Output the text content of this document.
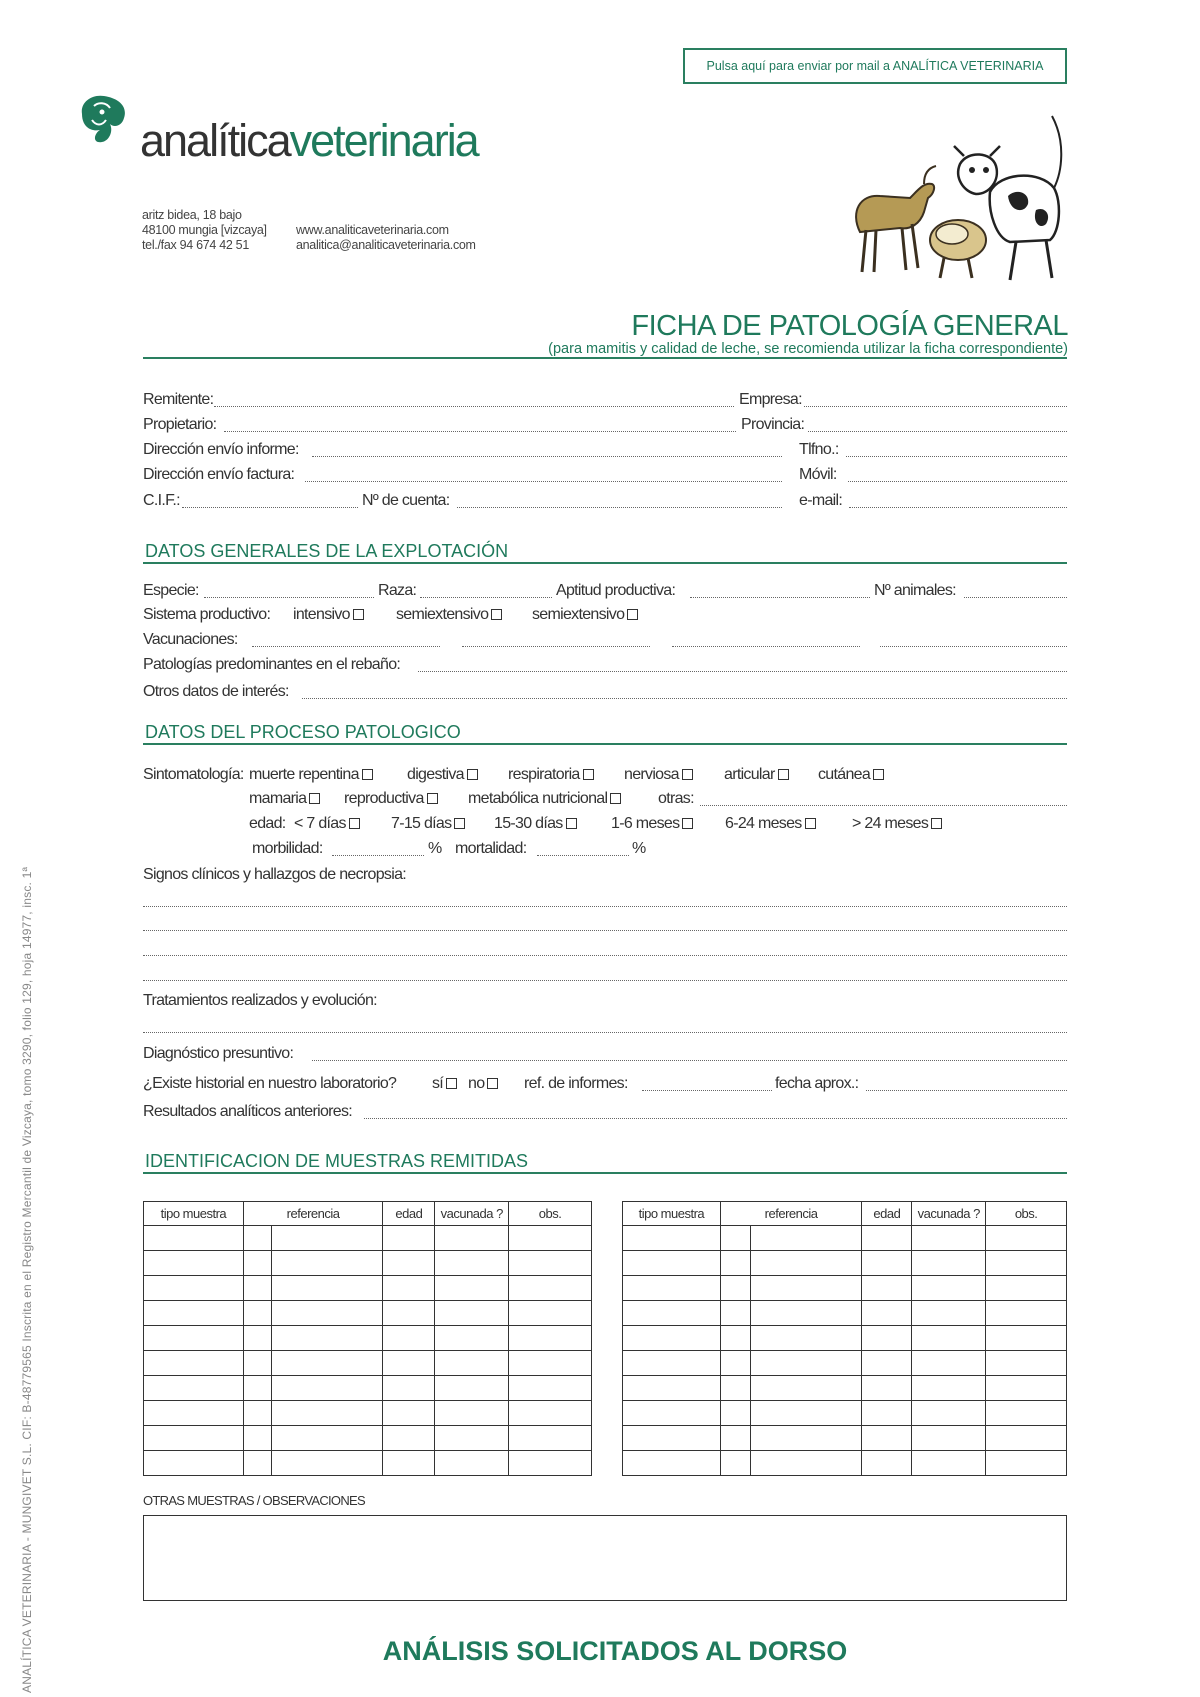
Pulsa aquí para enviar por mail a ANALÍTICA VETERINARIA
analíticaveterinaria
aritz bidea, 18 bajo
48100 mungia [vizcaya]
tel./fax 94 674 42 51
www.analiticaveterinaria.com
analitica@analiticaveterinaria.com
FICHA DE PATOLOGÍA GENERAL
(para mamitis y calidad de leche, se recomienda utilizar la ficha correspondiente)
Remitente:	Empresa:
Propietario:	Provincia:
Dirección envío informe:	Tlfno.:
Dirección envío factura:	Móvil:
C.I.F.:	Nº de cuenta:	e-mail:
DATOS GENERALES DE LA EXPLOTACIÓN
Especie:	Raza:	Aptitud productiva:	Nº animales:
Sistema productivo: intensivo	semiextensivo	semiextensivo
Vacunaciones:
Patologías predominantes en el rebaño:
Otros datos de interés:
DATOS DEL PROCESO PATOLOGICO
Sintomatología: muerte repentina	digestiva	respiratoria	nerviosa	articular	cutánea
mamaria	reproductiva	metabólica nutricional	otras:
edad: < 7 días	7-15 días	15-30 días	1-6 meses	6-24 meses	> 24 meses
morbilidad:	% mortalidad:	%
Signos clínicos y hallazgos de necropsia:
Tratamientos realizados y evolución:
Diagnóstico presuntivo:
¿Existe historial en nuestro laboratorio? sí	no	ref. de informes:	fecha aprox.:
Resultados analíticos anteriores:
IDENTIFICACION DE MUESTRAS REMITIDAS
tipo muestra	referencia		edad	vacunada ?	obs.

						tipo muestra	referencia		edad	vacunada ?	obs.

OTRAS MUESTRAS / OBSERVACIONES
ANÁLISIS SOLICITADOS AL DORSO
ANALÍTICA VETERINARIA - MUNGIVET S.L. CIF: B-48779565 Inscrita en el Registro Mercantil de Vizcaya, tomo 3290, folio 129, hoja 14977, insc. 1ª
